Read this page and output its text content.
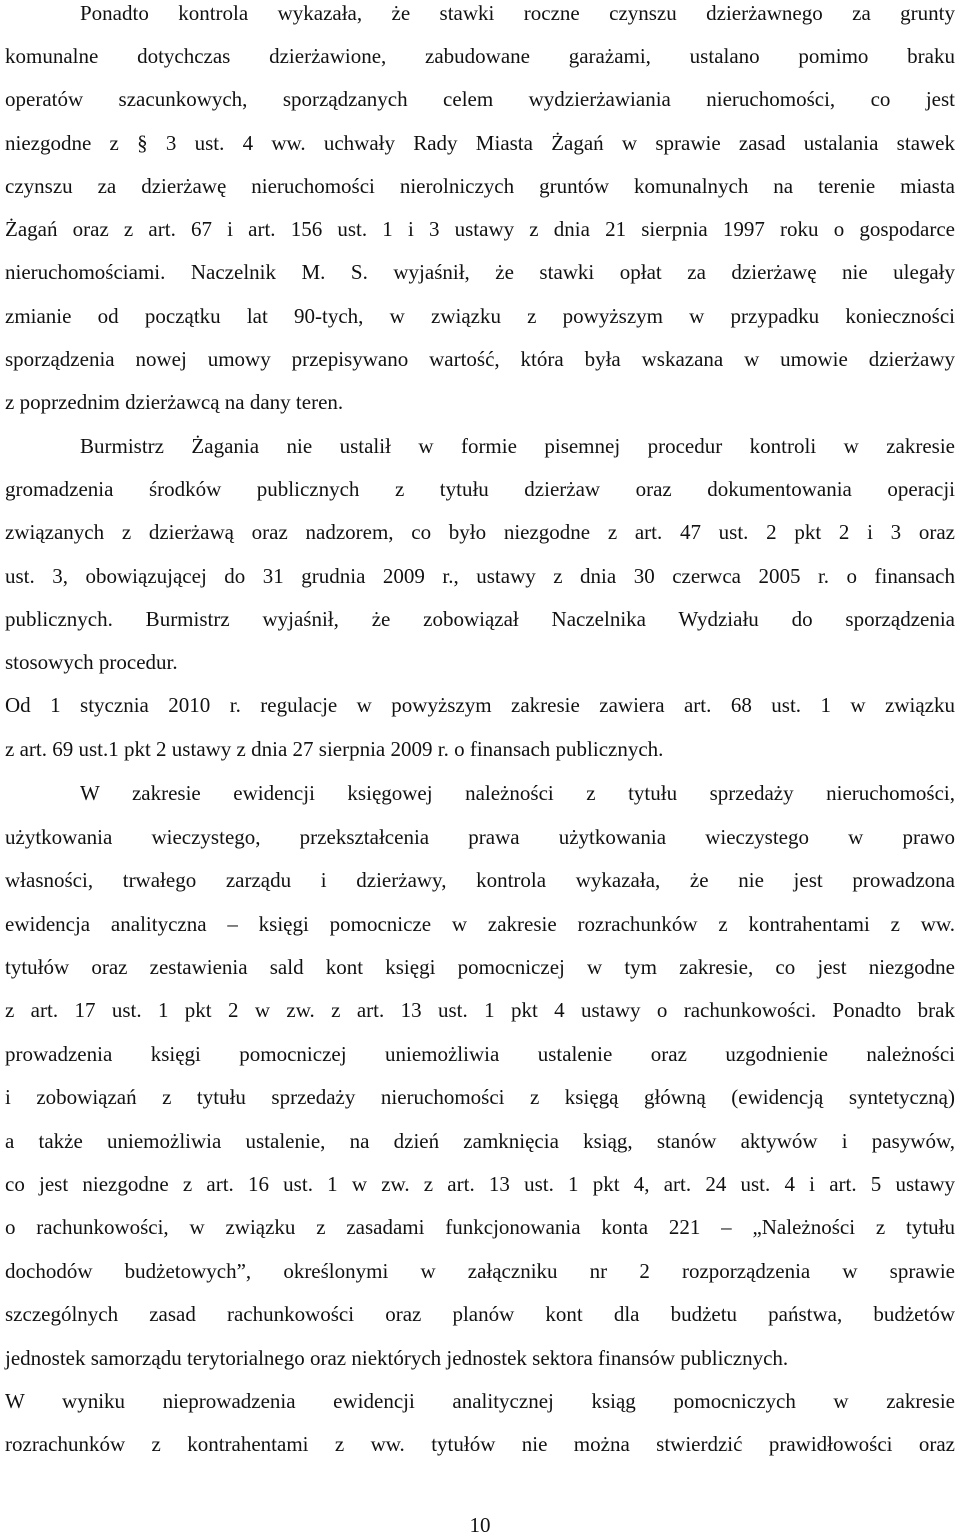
Ponadto kontrola wykazała, że stawki roczne czynszu dzierżawnego za grunty
komunalne dotychczas dzierżawione, zabudowane garażami, ustalano pomimo braku
operatów szacunkowych, sporządzanych celem wydzierżawiania nieruchomości, co jest
niezgodne z § 3 ust. 4 ww. uchwały Rady Miasta Żagań w sprawie zasad ustalania stawek
czynszu za dzierżawę nieruchomości nierolniczych gruntów komunalnych na terenie miasta
Żagań oraz z art. 67 i art. 156 ust. 1 i 3 ustawy z dnia 21 sierpnia 1997 roku o gospodarce
nieruchomościami. Naczelnik M. S. wyjaśnił, że stawki opłat za dzierżawę nie ulegały
zmianie od początku lat 90-tych, w związku z powyższym w przypadku konieczności
sporządzenia nowej umowy przepisywano wartość, która była wskazana w umowie dzierżawy
z poprzednim dzierżawcą na dany teren.
Burmistrz Żagania nie ustalił w formie pisemnej procedur kontroli w zakresie
gromadzenia środków publicznych z tytułu dzierżaw oraz dokumentowania operacji
związanych z dzierżawą oraz nadzorem, co było niezgodne z art. 47 ust. 2 pkt 2 i 3 oraz
ust. 3, obowiązującej do 31 grudnia 2009 r., ustawy z dnia 30 czerwca 2005 r. o finansach
publicznych. Burmistrz wyjaśnił, że zobowiązał Naczelnika Wydziału do sporządzenia
stosowych procedur.
Od 1 stycznia 2010 r. regulacje w powyższym zakresie zawiera art. 68 ust. 1 w związku
z art. 69 ust.1 pkt 2 ustawy z dnia 27 sierpnia 2009 r. o finansach publicznych.
W zakresie ewidencji księgowej należności z tytułu sprzedaży nieruchomości,
użytkowania wieczystego, przekształcenia prawa użytkowania wieczystego w prawo
własności, trwałego zarządu i dzierżawy, kontrola wykazała, że nie jest prowadzona
ewidencja analityczna – księgi pomocnicze w zakresie rozrachunków z kontrahentami z ww.
tytułów oraz zestawienia sald kont księgi pomocniczej w tym zakresie, co jest niezgodne
z art. 17 ust. 1 pkt 2 w zw. z art. 13 ust. 1 pkt 4 ustawy o rachunkowości. Ponadto brak
prowadzenia księgi pomocniczej uniemożliwia ustalenie oraz uzgodnienie należności
i zobowiązań z tytułu sprzedaży nieruchomości z księgą główną (ewidencją syntetyczną)
a także uniemożliwia ustalenie, na dzień zamknięcia ksiąg, stanów aktywów i pasywów,
co jest niezgodne z art. 16 ust. 1 w zw. z art. 13 ust. 1 pkt 4, art. 24 ust. 4 i art. 5 ustawy
o rachunkowości, w związku z zasadami funkcjonowania konta 221 – „Należności z tytułu
dochodów budżetowych”, określonymi w załączniku nr 2 rozporządzenia w sprawie
szczególnych zasad rachunkowości oraz planów kont dla budżetu państwa, budżetów
jednostek samorządu terytorialnego oraz niektórych jednostek sektora finansów publicznych.
W wyniku nieprowadzenia ewidencji analitycznej ksiąg pomocniczych w zakresie
rozrachunków z kontrahentami z ww. tytułów nie można stwierdzić prawidłowości oraz
10
